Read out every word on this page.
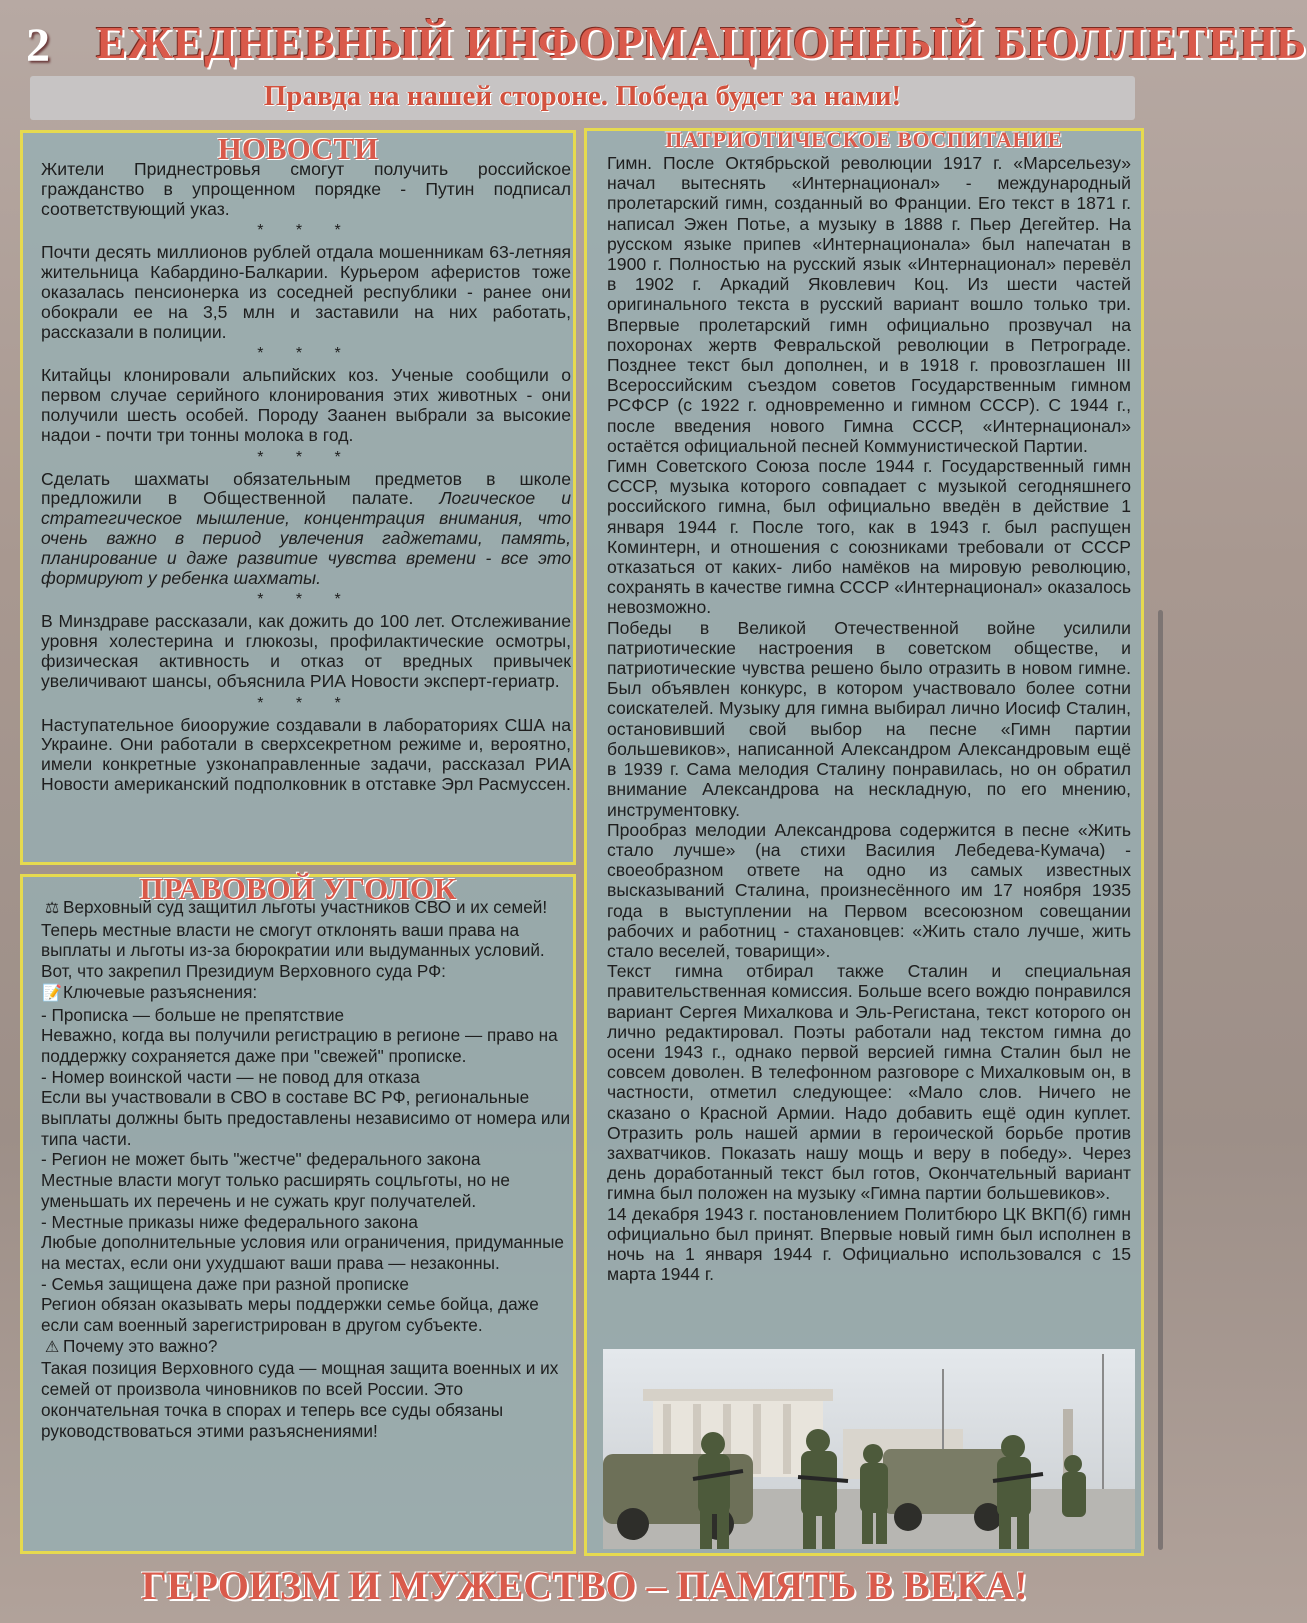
2 ЕЖЕДНЕВНЫЙ ИНФОРМАЦИОННЫЙ БЮЛЛЕТЕНЬ
Правда на нашей стороне. Победа будет за нами!
НОВОСТИ

Жители Приднестровья смогут получить российское гражданство в упрощенном порядке - Путин подписал соответствующий указ.

* * *

Почти десять миллионов рублей отдала мошенникам 63-летняя жительница Кабардино-Балкарии. Курьером аферистов тоже оказалась пенсионерка из соседней республики - ранее они обокрали ее на 3,5 млн и заставили на них работать, рассказали в полиции.

* * *

Китайцы клонировали альпийских коз. Ученые сообщили о первом случае серийного клонирования этих животных - они получили шесть особей. Породу Заанен выбрали за высокие надои - почти три тонны молока в год.

* * *

Сделать шахматы обязательным предметов в школе предложили в Общественной палате. Логическое и стратегическое мышление, концентрация внимания, что очень важно в период увлечения гаджетами, память, планирование и даже развитие чувства времени - все это формируют у ребенка шахматы.

* * *

В Минздраве рассказали, как дожить до 100 лет. Отслеживание уровня холестерина и глюкозы, профилактические осмотры, физическая активность и отказ от вредных привычек увеличивают шансы, объяснила РИА Новости эксперт-гериатр.

* * *

Наступательное биооружие создавали в лабораториях США на Украине. Они работали в сверхсекретном режиме и, вероятно, имели конкретные узконаправленные задачи, рассказал РИА Новости американский подполковник в отставке Эрл Расмуссен.

ПРАВОВОЙ УГОЛОК

⚖ Верховный суд защитил льготы участников СВО и их семей!

Теперь местные власти не смогут отклонять ваши права на выплаты и льготы из-за бюрократии или выдуманных условий. Вот, что закрепил Президиум Верховного суда РФ:

📝Ключевые разъяснения:

- Прописка — больше не препятствие

Неважно, когда вы получили регистрацию в регионе — право на поддержку сохраняется даже при "свежей" прописке.

- Номер воинской части — не повод для отказа

Если вы участвовали в СВО в составе ВС РФ, региональные выплаты должны быть предоставлены независимо от номера или типа части.

- Регион не может быть "жестче" федерального закона

Местные власти могут только расширять соцльготы, но не уменьшать их перечень и не сужать круг получателей.

- Местные приказы ниже федерального закона

Любые дополнительные условия или ограничения, придуманные на местах, если они ухудшают ваши права — незаконны.

- Семья защищена даже при разной прописке

Регион обязан оказывать меры поддержки семье бойца, даже если сам военный зарегистрирован в другом субъекте.

⚠ Почему это важно?

Такая позиция Верховного суда — мощная защита военных и их семей от произвола чиновников по всей России. Это окончательная точка в спорах и теперь все суды обязаны руководствоваться этими разъяснениями!

ПАТРИОТИЧЕСКОЕ ВОСПИТАНИЕ

Гимн. После Октябрьской революции 1917 г. «Марсельезу» начал вытеснять «Интернационал» - международный пролетарский гимн, созданный во Франции. Его текст в 1871 г. написал Эжен Потье, а музыку в 1888 г. Пьер Дегейтер. На русском языке припев «Интернационала» был напечатан в 1900 г. Полностью на русский язык «Интернационал» перевёл в 1902 г. Аркадий Яковлевич Коц. Из шести частей оригинального текста в русский вариант вошло только три. Впервые пролетарский гимн официально прозвучал на похоронах жертв Февральской революции в Петрограде. Позднее текст был дополнен, и в 1918 г. провозглашен III Всероссийским съездом советов Государственным гимном РСФСР (с 1922 г. одновременно и гимном СССР). С 1944 г., после введения нового Гимна СССР, «Интернационал» остаётся официальной песней Коммунистической Партии.

Гимн Советского Союза после 1944 г. Государственный гимн СССР, музыка которого совпадает с музыкой сегодняшнего российского гимна, был официально введён в действие 1 января 1944 г. После того, как в 1943 г. был распущен Коминтерн, и отношения с союзниками требовали от СССР отказаться от каких- либо намёков на мировую революцию, сохранять в качестве гимна СССР «Интернационал» оказалось невозможно.

Победы в Великой Отечественной войне усилили патриотические настроения в советском обществе, и патриотические чувства решено было отразить в новом гимне. Был объявлен конкурс, в котором участвовало более сотни соискателей. Музыку для гимна выбирал лично Иосиф Сталин, остановивший свой выбор на песне «Гимн партии большевиков», написанной Александром Александровым ещё в 1939 г. Сама мелодия Сталину понравилась, но он обратил внимание Александрова на нескладную, по его мнению, инструментовку.

Прообраз мелодии Александрова содержится в песне «Жить стало лучше» (на стихи Василия Лебедева-Кумача) - своеобразном ответе на одно из самых известных высказываний Сталина, произнесённого им 17 ноября 1935 года в выступлении на Первом всесоюзном совещании рабочих и работниц - стахановцев: «Жить стало лучше, жить стало веселей, товарищи».

Текст гимна отбирал также Сталин и специальная правительственная комиссия. Больше всего вождю понравился вариант Сергея Михалкова и Эль-Регистана, текст которого он лично редактировал. Поэты работали над текстом гимна до осени 1943 г., однако первой версией гимна Сталин был не совсем доволен. В телефонном разговоре с Михалковым он, в частности, отметил следующее: «Мало слов. Ничего не сказано о Красной Армии. Надо добавить ещё один куплет. Отразить роль нашей армии в героической борьбе против захватчиков. Показать нашу мощь и веру в победу». Через день доработанный текст был готов, Окончательный вариант гимна был положен на музыку «Гимна партии большевиков».

14 декабря 1943 г. постановлением Политбюро ЦК ВКП(б) гимн официально был принят. Впервые новый гимн был исполнен в ночь на 1 января 1944 г. Официально использовался с 15 марта 1944 г.

ГЕРОИЗМ И МУЖЕСТВО – ПАМЯТЬ В ВЕКА!
